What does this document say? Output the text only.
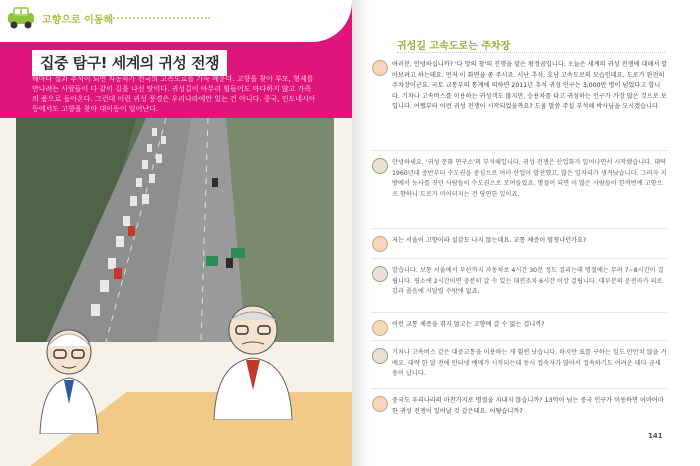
고향으로 이동해
집중 탐구! 세계의 귀성 전쟁
해마다 설과 추석이 되면 자동차가 전국의 고속도로를 가득 메운다. 고향을 찾아 부모, 형제를 만나려는 사람들이 다 같이 길을 나선 탓이다. 귀성길이 아무리 힘들어도 마다하지 않고 가족의 품으로 돌아온다. 그런데 이런 귀성 풍경은 우리나라에만 있는 건 아니다. 중국, 인도네시아 등에서도 고향을 찾아 대이동이 일어난다.
귀성길 고속도로는 주차장
여러분, 안녕하십니까? '다 앙의 창'의 진행을 맡은 왕정곰입니다. 오늘은 세계의 귀성 전쟁에 대해서 알아보려고 하는데요. 먼저 이 화면을 좀 주시죠. 서난 추석, 호남 고속도로의 모습인데요. 도로가 완전히 주차장이군요. 국토 교통부의 통계에 의하면 2011년 추석 귀성 인구는 3,000만 명이 넘었다고 합니다. 기차나 고속버스를 이용하는 귀성객도 많지만, 승용차를 타고 귀성하는 인구가 가장 많은 것으로 보입니다. 어쨌부터 이런 귀성 전쟁이 시작되었을까요? 도움 말씀 주실 부석해 박사님을 모시겠습니다.
안녕하세요. '귀성 문화 연구소'의 부석해입니다. 귀성 전쟁은 산업화가 일어나면서 시작됐습니다. 대략 1960년대 중반부터 수도권을 중심으로 여러 산업이 발전했고, 많은 일자리가 생겨났습니다. 그러자 지방에서 농사를 짓던 사람들이 수도권으로 모여들었죠. 명절이 되면 이 많은 사람들이 한꺼번에 고향으로 향하니 도로가 미어터지는 건 당연한 일이죠.
저는 서울이 고향이라 실감도 나지 않는데요. 교통 체증이 엄청나던가요?
말습니다. 보통 서울에서 부산까지 자동차로 4시간 30분 정도 걸리는데 명절에는 무려 7~8시간이 걸립니다. 평소에 2시간이면 충분히 갈 수 있는 대전조차 6시간 이상 걸립니다. 대부분의 운전자가 피로감과 졸음에 시달릴 수밖에 없죠.
이런 교통 체증을 겪지 않고는 고향에 갈 수 없는 겁니까?
기차나 고속버스 같은 대중교통을 이용하는 게 훨씬 낫습니다. 하지만 표를 구하는 일도 만만치 않을 거예요. 대략 한 달 전에 인터넷 예매가 시작되는데 동시 접속자가 많아서 접속하기도 어려운 데다 금세 동이 납니다.
중국도 우리나라의 마찬가지로 명절을 지내지 않습니까? 13억이 넘는 중국 인구가 이동하면 어마어마한 귀성 전쟁이 일어날 것 같은데요. 어떻습니까?
141
